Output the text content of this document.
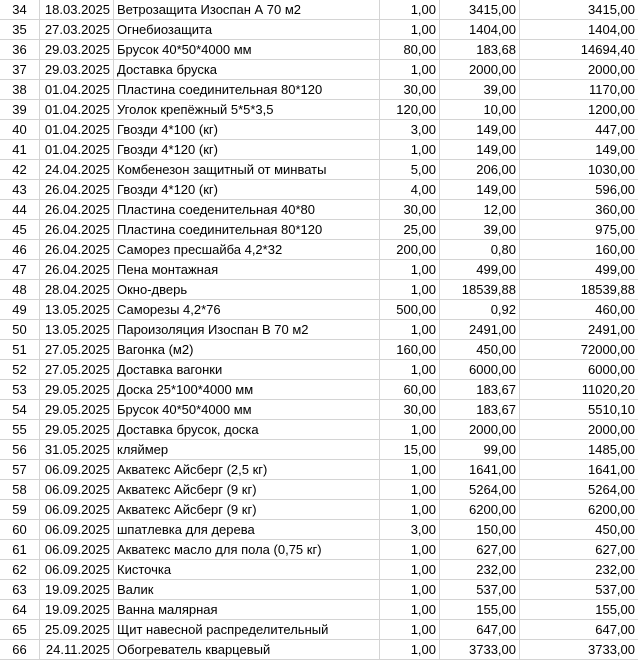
34	18.03.2025 Ветрозащита Изоспан А 70 м2	1,00	3415,00	3415,00
35	27.03.2025 Огнебиозащита	1,00	1404,00	1404,00
36	29.03.2025 Брусок 40*50*4000 мм	80,00	183,68	14694,40
37	29.03.2025 Доставка бруска	1,00	2000,00	2000,00
38	01.04.2025 Пластина соединительная 80*120	30,00	39,00	1170,00
39	01.04.2025 Уголок крепёжный 5*5*3,5	120,00	10,00	1200,00
40	01.04.2025 Гвозди 4*100 (кг)	3,00	149,00	447,00
41	01.04.2025 Гвозди 4*120 (кг)	1,00	149,00	149,00
42	24.04.2025 Комбенезон защитный от минваты	5,00	206,00	1030,00
43	26.04.2025 Гвозди 4*120 (кг)	4,00	149,00	596,00
44	26.04.2025 Пластина соеденительная 40*80	30,00	12,00	360,00
45	26.04.2025 Пластина соединительная 80*120	25,00	39,00	975,00
46	26.04.2025 Саморез пресшайба 4,2*32	200,00	0,80	160,00
47	26.04.2025 Пена монтажная	1,00	499,00	499,00
48	28.04.2025 Окно-дверь	1,00	18539,88	18539,88
49	13.05.2025 Саморезы 4,2*76	500,00	0,92	460,00
50	13.05.2025 Пароизоляция Изоспан В 70 м2	1,00	2491,00	2491,00
51	27.05.2025 Вагонка (м2)	160,00	450,00	72000,00
52	27.05.2025 Доставка вагонки	1,00	6000,00	6000,00
53	29.05.2025 Доска 25*100*4000 мм	60,00	183,67	11020,20
54	29.05.2025 Брусок 40*50*4000 мм	30,00	183,67	5510,10
55	29.05.2025 Доставка брусок, доска	1,00	2000,00	2000,00
56	31.05.2025 кляймер	15,00	99,00	1485,00
57	06.09.2025 Акватекс Айсберг (2,5 кг)	1,00	1641,00	1641,00
58	06.09.2025 Акватекс Айсберг (9 кг)	1,00	5264,00	5264,00
59	06.09.2025 Акватекс Айсберг (9 кг)	1,00	6200,00	6200,00
60	06.09.2025 шпатлевка для дерева	3,00	150,00	450,00
61	06.09.2025 Акватекс масло для пола (0,75 кг)	1,00	627,00	627,00
62	06.09.2025 Кисточка	1,00	232,00	232,00
63	19.09.2025 Валик	1,00	537,00	537,00
64	19.09.2025 Ванна малярная	1,00	155,00	155,00
65	25.09.2025 Щит навесной распределительный	1,00	647,00	647,00
66	24.11.2025 Обогреватель кварцевый	1,00	3733,00	3733,00
